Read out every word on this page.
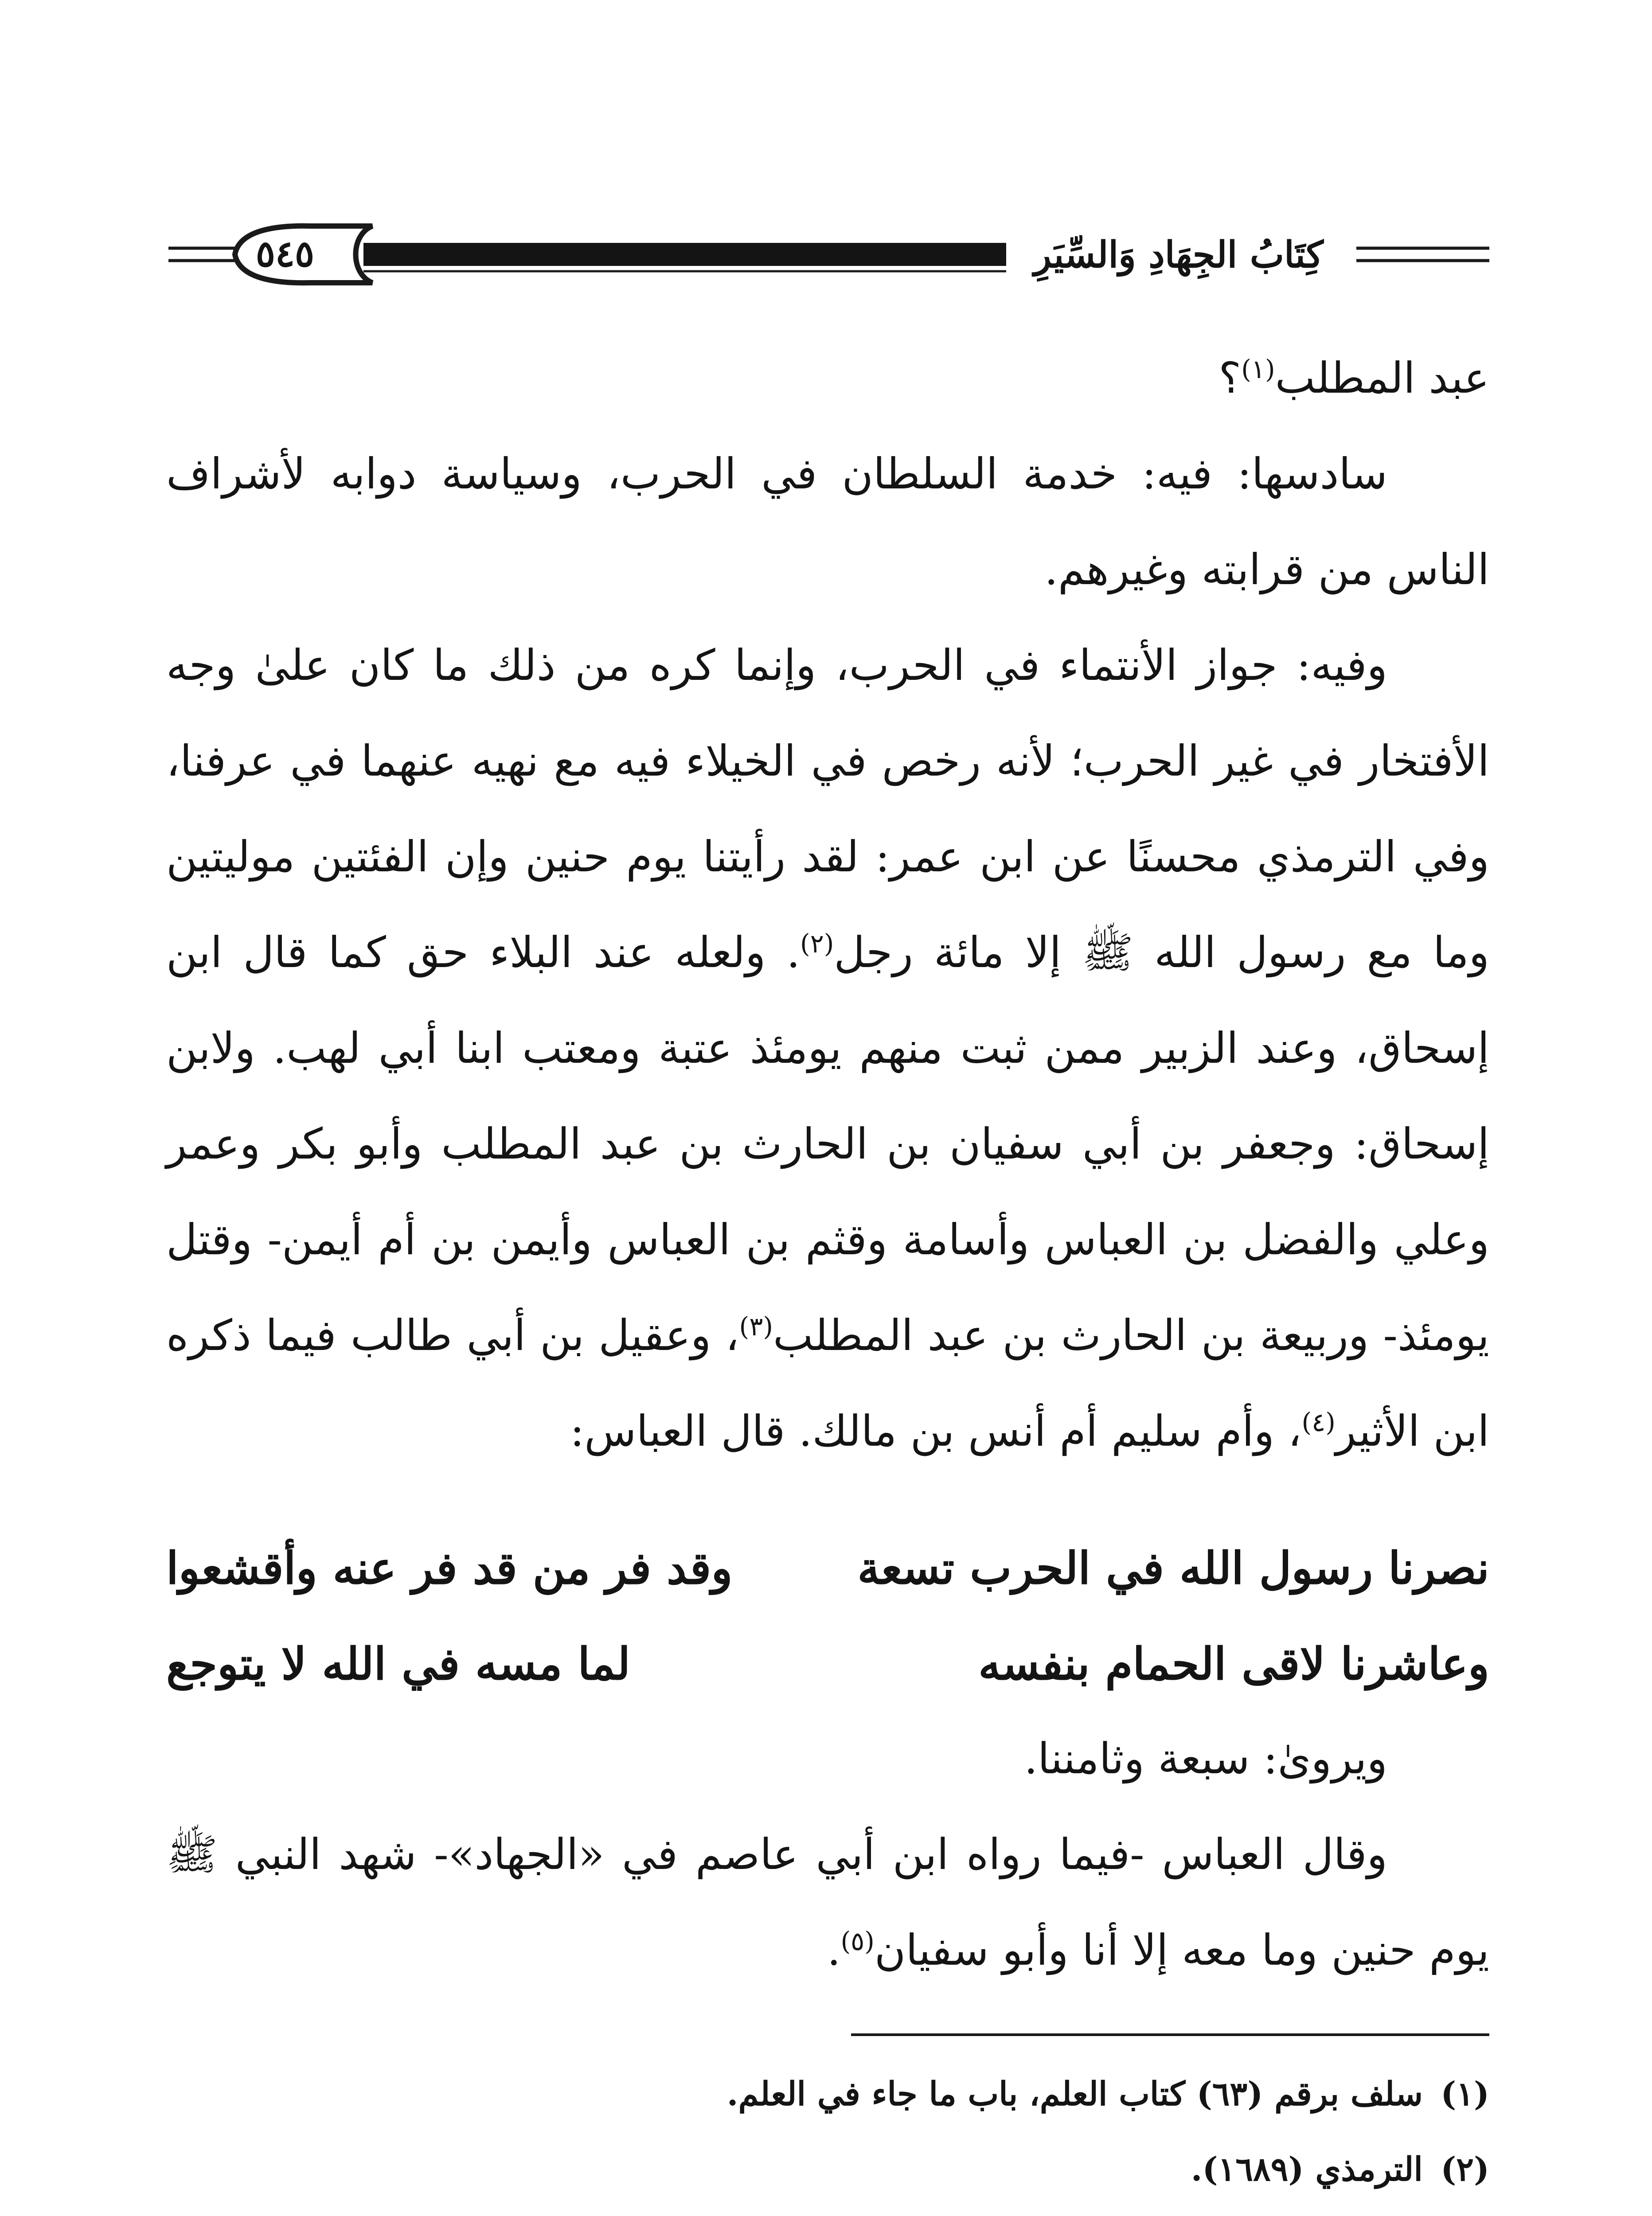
٥٤٥	كِتَابُ الجِهَادِ وَالسِّيَرِ

عبد المطلب$^{(١)}$؟

سادسها: فيه: خدمة السلطان في الحرب، وسياسة دوابه لأشراف الناس من قرابته وغيرهم.

وفيه: جواز الأنتماء في الحرب، وإنما كره من ذلك ما كان علىٰ وجه الأفتخار في غير الحرب؛ لأنه رخص في الخيلاء فيه مع نهيه عنهما في عرفنا، وفي الترمذي محسنًا عن ابن عمر: لقد رأيتنا يوم حنين وإن الفئتين موليتين وما مع رسول الله ﷺ إلا مائة رجل$^{(٢)}$. ولعله عند البلاء حق كما قال ابن إسحاق، وعند الزبير ممن ثبت منهم يومئذ عتبة ومعتب ابنا أبي لهب. ولابن إسحاق: وجعفر بن أبي سفيان بن الحارث بن عبد المطلب وأبو بكر وعمر وعلي والفضل بن العباس وأسامة وقثم بن العباس وأيمن بن أم أيمن- وقتل يومئذ- وربيعة بن الحارث بن عبد المطلب$^{(٣)}$، وعقيل بن أبي طالب فيما ذكره ابن الأثير$^{(٤)}$، وأم سليم أم أنس بن مالك. قال العباس:

نصرنا رسول الله في الحرب تسعة
وقد فر من قد فر عنه وأقشعوا
وعاشرنا لاقى الحمام بنفسه
لما مسه في الله لا يتوجع

ويروىٰ: سبعة وثامننا.

وقال العباس -فيما رواه ابن أبي عاصم في «الجهاد»- شهد النبي ﷺ يوم حنين وما معه إلا أنا وأبو سفيان$^{(٥)}$.

(١)سلف برقم (٦٣) كتاب العلم، باب ما جاء في العلم.
(٢)الترمذي (١٦٨٩).
